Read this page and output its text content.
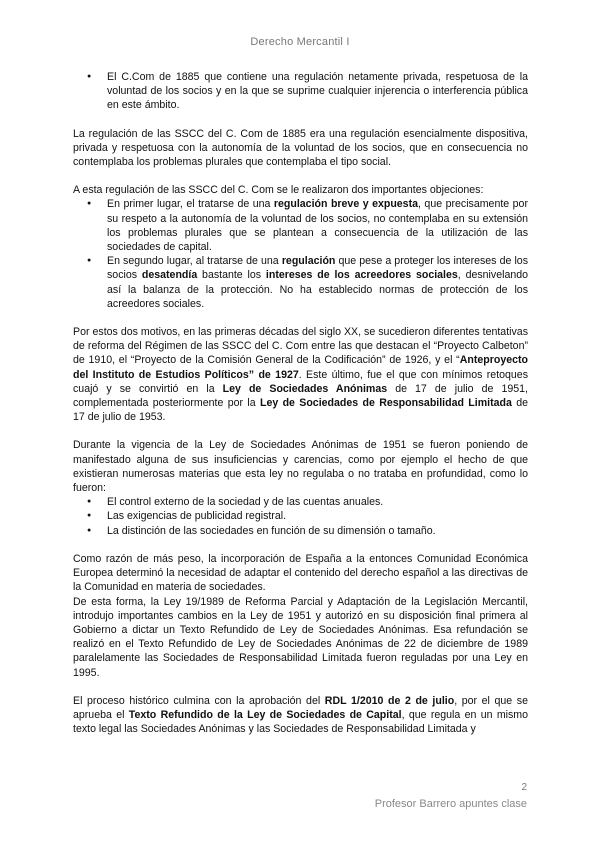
Derecho Mercantil I
● El C.Com de 1885 que contiene una regulación netamente privada, respetuosa de la voluntad de los socios y en la que se suprime cualquier injerencia o interferencia pública en este ámbito.

La regulación de las SSCC del C. Com de 1885 era una regulación esencialmente dispositiva, privada y respetuosa con la autonomía de la voluntad de los socios, que en consecuencia no contemplaba los problemas plurales que contemplaba el tipo social.

A esta regulación de las SSCC del C. Com se le realizaron dos importantes objeciones:

● En primer lugar, el tratarse de una regulación breve y expuesta, que precisamente por su respeto a la autonomía de la voluntad de los socios, no contemplaba en su extensión los problemas plurales que se plantean a consecuencia de la utilización de las sociedades de capital.
● En segundo lugar, al tratarse de una regulación que pese a proteger los intereses de los socios desatendía bastante los intereses de los acreedores sociales, desnivelando así la balanza de la protección. No ha establecido normas de protección de los acreedores sociales.

Por estos dos motivos, en las primeras décadas del siglo XX, se sucedieron diferentes tentativas de reforma del Régimen de las SSCC del C. Com entre las que destacan el “Proyecto Calbeton” de 1910, el “Proyecto de la Comisión General de la Codificación” de 1926, y el “Anteproyecto del Instituto de Estudios Políticos” de 1927. Este último, fue el que con mínimos retoques cuajó y se convirtió en la Ley de Sociedades Anónimas de 17 de julio de 1951, complementada posteriormente por la Ley de Sociedades de Responsabilidad Limitada de 17 de julio de 1953.

Durante la vigencia de la Ley de Sociedades Anónimas de 1951 se fueron poniendo de manifestado alguna de sus insuficiencias y carencias, como por ejemplo el hecho de que existieran numerosas materias que esta ley no regulaba o no trataba en profundidad, como lo fueron:

● El control externo de la sociedad y de las cuentas anuales.
● Las exigencias de publicidad registral.
● La distinción de las sociedades en función de su dimensión o tamaño.

Como razón de más peso, la incorporación de España a la entonces Comunidad Económica Europea determinó la necesidad de adaptar el contenido del derecho español a las directivas de la Comunidad en materia de sociedades.

De esta forma, la Ley 19/1989 de Reforma Parcial y Adaptación de la Legislación Mercantil, introdujo importantes cambios en la Ley de 1951 y autorizó en su disposición final primera al Gobierno a dictar un Texto Refundido de Ley de Sociedades Anónimas. Esa refundación se realizó en el Texto Refundido de Ley de Sociedades Anónimas de 22 de diciembre de 1989 paralelamente las Sociedades de Responsabilidad Limitada fueron reguladas por una Ley en 1995.

El proceso histórico culmina con la aprobación del RDL 1/2010 de 2 de julio, por el que se aprueba el Texto Refundido de la Ley de Sociedades de Capital, que regula en un mismo texto legal las Sociedades Anónimas y las Sociedades de Responsabilidad Limitada y

2
Profesor Barrero apuntes clase
